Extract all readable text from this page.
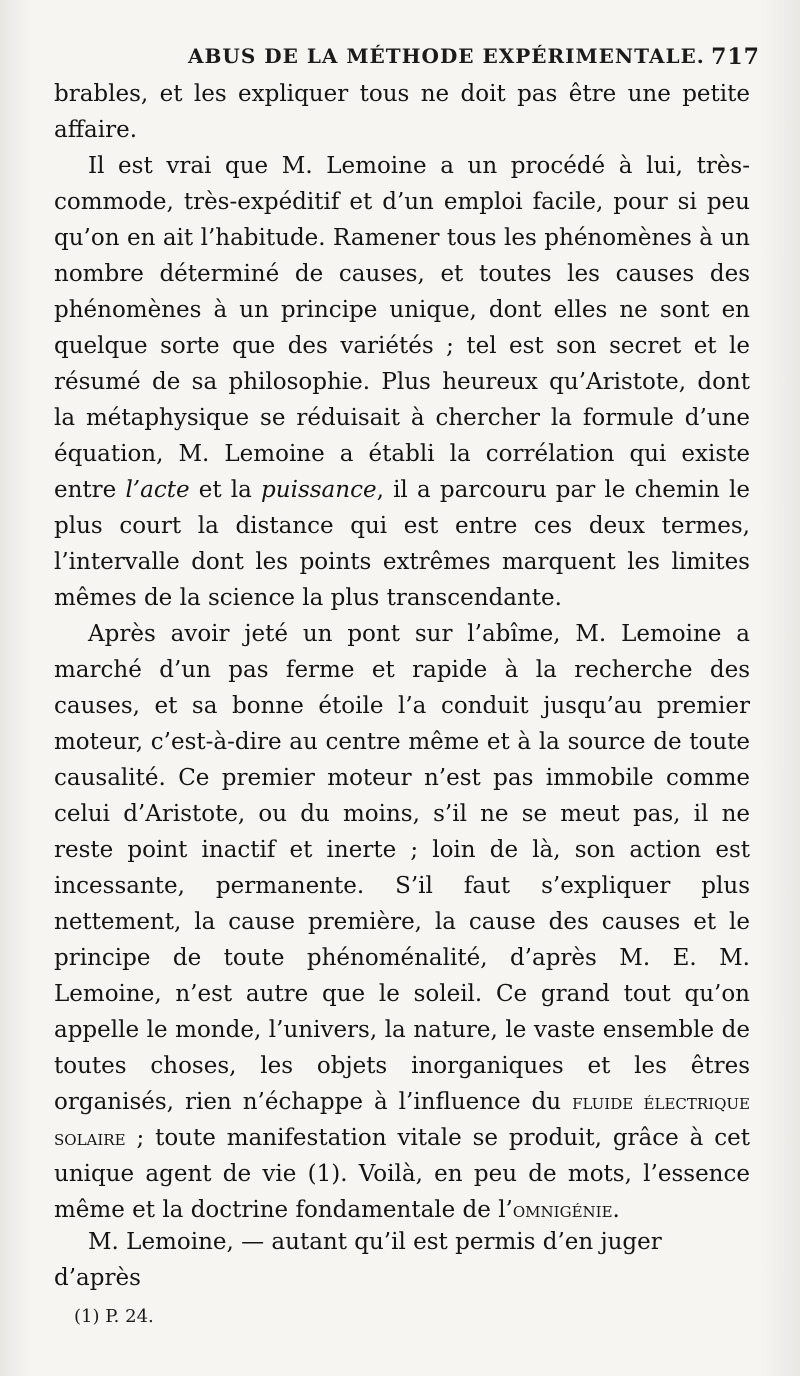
ABUS DE LA MÉTHODE EXPÉRIMENTALE. 717

brables, et les expliquer tous ne doit pas être une petite affaire.

Il est vrai que M. Lemoine a un procédé à lui, très-commode, très-expéditif et d’un emploi facile, pour si peu qu’on en ait l’habitude. Ramener tous les phénomènes à un nombre déterminé de causes, et toutes les causes des phénomènes à un principe unique, dont elles ne sont en quelque sorte que des variétés ; tel est son secret et le résumé de sa philosophie. Plus heureux qu’Aristote, dont la métaphysique se réduisait à chercher la formule d’une équation, M. Lemoine a établi la corrélation qui existe entre l’acte et la puissance, il a parcouru par le chemin le plus court la distance qui est entre ces deux termes, l’intervalle dont les points extrêmes marquent les limites mêmes de la science la plus transcendante.

Après avoir jeté un pont sur l’abîme, M. Lemoine a marché d’un pas ferme et rapide à la recherche des causes, et sa bonne étoile l’a conduit jusqu’au premier moteur, c’est-à-dire au centre même et à la source de toute causalité. Ce premier moteur n’est pas immobile comme celui d’Aristote, ou du moins, s’il ne se meut pas, il ne reste point inactif et inerte ; loin de là, son action est incessante, permanente. S’il faut s’expliquer plus nettement, la cause première, la cause des causes et le principe de toute phénoménalité, d’après M. E. M. Lemoine, n’est autre que le soleil. Ce grand tout qu’on appelle le monde, l’univers, la nature, le vaste ensemble de toutes choses, les objets inorganiques et les êtres organisés, rien n’échappe à l’influence du fluide électrique solaire ; toute manifestation vitale se produit, grâce à cet unique agent de vie (1). Voilà, en peu de mots, l’essence même et la doctrine fondamentale de l’omnigénie.

M. Lemoine, — autant qu’il est permis d’en juger d’après
(1) P. 24.
